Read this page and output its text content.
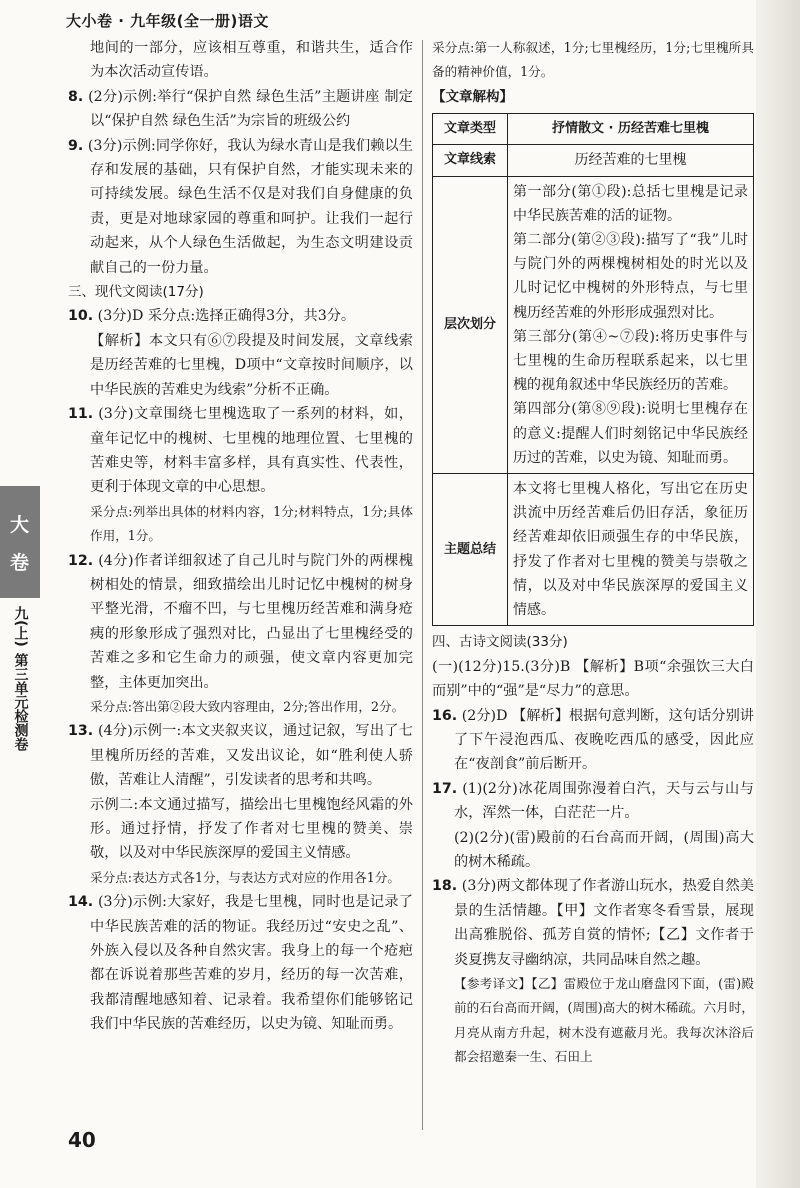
大小卷 · 九年级(全一册)语文
大
卷
九(上)
第三单元检测卷

地间的一部分，应该相互尊重，和谐共生，适合作为本次活动宣传语。

8. (2分)示例:举行“保护自然 绿色生活”主题讲座 制定以“保护自然 绿色生活”为宗旨的班级公约

9. (3分)示例:同学你好，我认为绿水青山是我们赖以生存和发展的基础，只有保护自然，才能实现未来的可持续发展。绿色生活不仅是对我们自身健康的负责，更是对地球家园的尊重和呵护。让我们一起行动起来，从个人绿色生活做起，为生态文明建设贡献自己的一份力量。

三、现代文阅读(17分)

10. (3分)D 采分点:选择正确得3分，共3分。

【解析】本文只有⑥⑦段提及时间发展，文章线索是历经苦难的七里槐，D项中“文章按时间顺序，以中华民族的苦难史为线索”分析不正确。

11. (3分)文章围绕七里槐选取了一系列的材料，如，童年记忆中的槐树、七里槐的地理位置、七里槐的苦难史等，材料丰富多样，具有真实性、代表性，更利于体现文章的中心思想。

采分点:列举出具体的材料内容，1分;材料特点，1分;具体作用，1分。

12. (4分)作者详细叙述了自己儿时与院门外的两棵槐树相处的情景，细致描绘出儿时记忆中槐树的树身平整光滑，不瘤不凹，与七里槐历经苦难和满身疮痍的形象形成了强烈对比，凸显出了七里槐经受的苦难之多和它生命力的顽强，使文章内容更加完整，主体更加突出。

采分点:答出第②段大致内容理由，2分;答出作用，2分。

13. (4分)示例一:本文夹叙夹议，通过记叙，写出了七里槐所历经的苦难，又发出议论，如“胜利使人骄傲，苦难让人清醒”，引发读者的思考和共鸣。

示例二:本文通过描写，描绘出七里槐饱经风霜的外形。通过抒情，抒发了作者对七里槐的赞美、崇敬，以及对中华民族深厚的爱国主义情感。

采分点:表达方式各1分，与表达方式对应的作用各1分。

14. (3分)示例:大家好，我是七里槐，同时也是记录了中华民族苦难的活的物证。我经历过“安史之乱”、外族入侵以及各种自然灾害。我身上的每一个疮疤都在诉说着那些苦难的岁月，经历的每一次苦难，我都清醒地感知着、记录着。我希望你们能够铭记我们中华民族的苦难经历，以史为镜、知耻而勇。

采分点:第一人称叙述，1分;七里槐经历，1分;七里槐所具备的精神价值，1分。

【文章解构】

文章类型	抒情散文 · 历经苦难七里槐
文章线索	历经苦难的七里槐
层次划分	第一部分(第①段):总括七里槐是记录中华民族苦难的活的证物。
第二部分(第②③段):描写了“我”儿时与院门外的两棵槐树相处的时光以及儿时记忆中槐树的外形特点，与七里槐历经苦难的外形形成强烈对比。
第三部分(第④~⑦段):将历史事件与七里槐的生命历程联系起来，以七里槐的视角叙述中华民族经历的苦难。
第四部分(第⑧⑨段):说明七里槐存在的意义:提醒人们时刻铭记中华民族经历过的苦难，以史为镜、知耻而勇。

主题总结	本文将七里槐人格化，写出它在历史洪流中历经苦难后仍旧存活，象征历经苦难却依旧顽强生存的中华民族，抒发了作者对七里槐的赞美与崇敬之情，以及对中华民族深厚的爱国主义情感。

四、古诗文阅读(33分)

(一)(12分)15.(3分)B 【解析】B项“余强饮三大白而别”中的“强”是“尽力”的意思。

16. (2分)D 【解析】根据句意判断，这句话分别讲了下午浸泡西瓜、夜晚吃西瓜的感受，因此应在“夜剖食”前后断开。

17. (1)(2分)冰花周围弥漫着白汽，天与云与山与水，浑然一体，白茫茫一片。

(2)(2分)(雷)殿前的石台高而开阔，(周围)高大的树木稀疏。

18. (3分)两文都体现了作者游山玩水，热爱自然美景的生活情趣。【甲】文作者寒冬看雪景，展现出高雅脱俗、孤芳自赏的情怀;【乙】文作者于炎夏携友寻幽纳凉，共同品味自然之趣。

【参考译文】【乙】雷殿位于龙山磨盘冈下面，(雷)殿前的石台高而开阔，(周围)高大的树木稀疏。六月时，月亮从南方升起，树木没有遮蔽月光。我每次沐浴后都会招邀秦一生、石田上

40
